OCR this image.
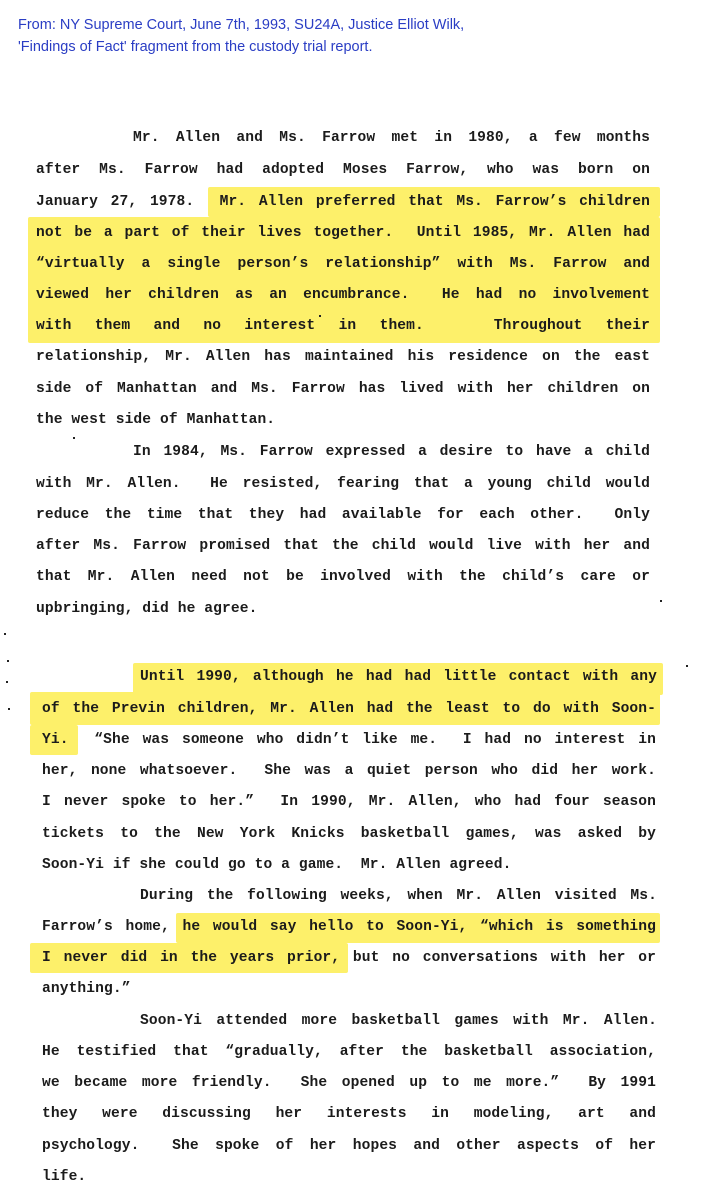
From: NY Supreme Court, June 7th, 1993, SU24A, Justice Elliot Wilk,
'Findings of Fact' fragment from the custody trial report.
Mr. Allen and Ms. Farrow met in 1980, a few months
after Ms. Farrow had adopted Moses Farrow, who was born on
January 27, 1978.  Mr. Allen preferred that Ms. Farrow’s children
not be a part of their lives together.  Until 1985, Mr. Allen had
“virtually a single person’s relationship” with Ms. Farrow and
viewed her children as an encumbrance.  He had no involvement
with them and no interest in them.   Throughout their
relationship, Mr. Allen has maintained his residence on the east
side of Manhattan and Ms. Farrow has lived with her children on
the west side of Manhattan.
In 1984, Ms. Farrow expressed a desire to have a child
with Mr. Allen.  He resisted, fearing that a young child would
reduce the time that they had available for each other.  Only
after Ms. Farrow promised that the child would live with her and
that Mr. Allen need not be involved with the child’s care or
upbringing, did he agree.
Until 1990, although he had had little contact with any
of the Previn children, Mr. Allen had the least to do with Soon-
Yi.  “She was someone who didn’t like me.  I had no interest in
her, none whatsoever.  She was a quiet person who did her work.
I never spoke to her.”  In 1990, Mr. Allen, who had four season
tickets to the New York Knicks basketball games, was asked by
Soon-Yi if she could go to a game.  Mr. Allen agreed.
During the following weeks, when Mr. Allen visited Ms.
Farrow’s home, he would say hello to Soon-Yi, “which is something
I never did in the years prior, but no conversations with her or
anything.”
Soon-Yi attended more basketball games with Mr. Allen.
He testified that “gradually, after the basketball association,
we became more friendly.  She opened up to me more.”  By 1991
they were discussing her interests in modeling, art and
psychology.  She spoke of her hopes and other aspects of her
life.
